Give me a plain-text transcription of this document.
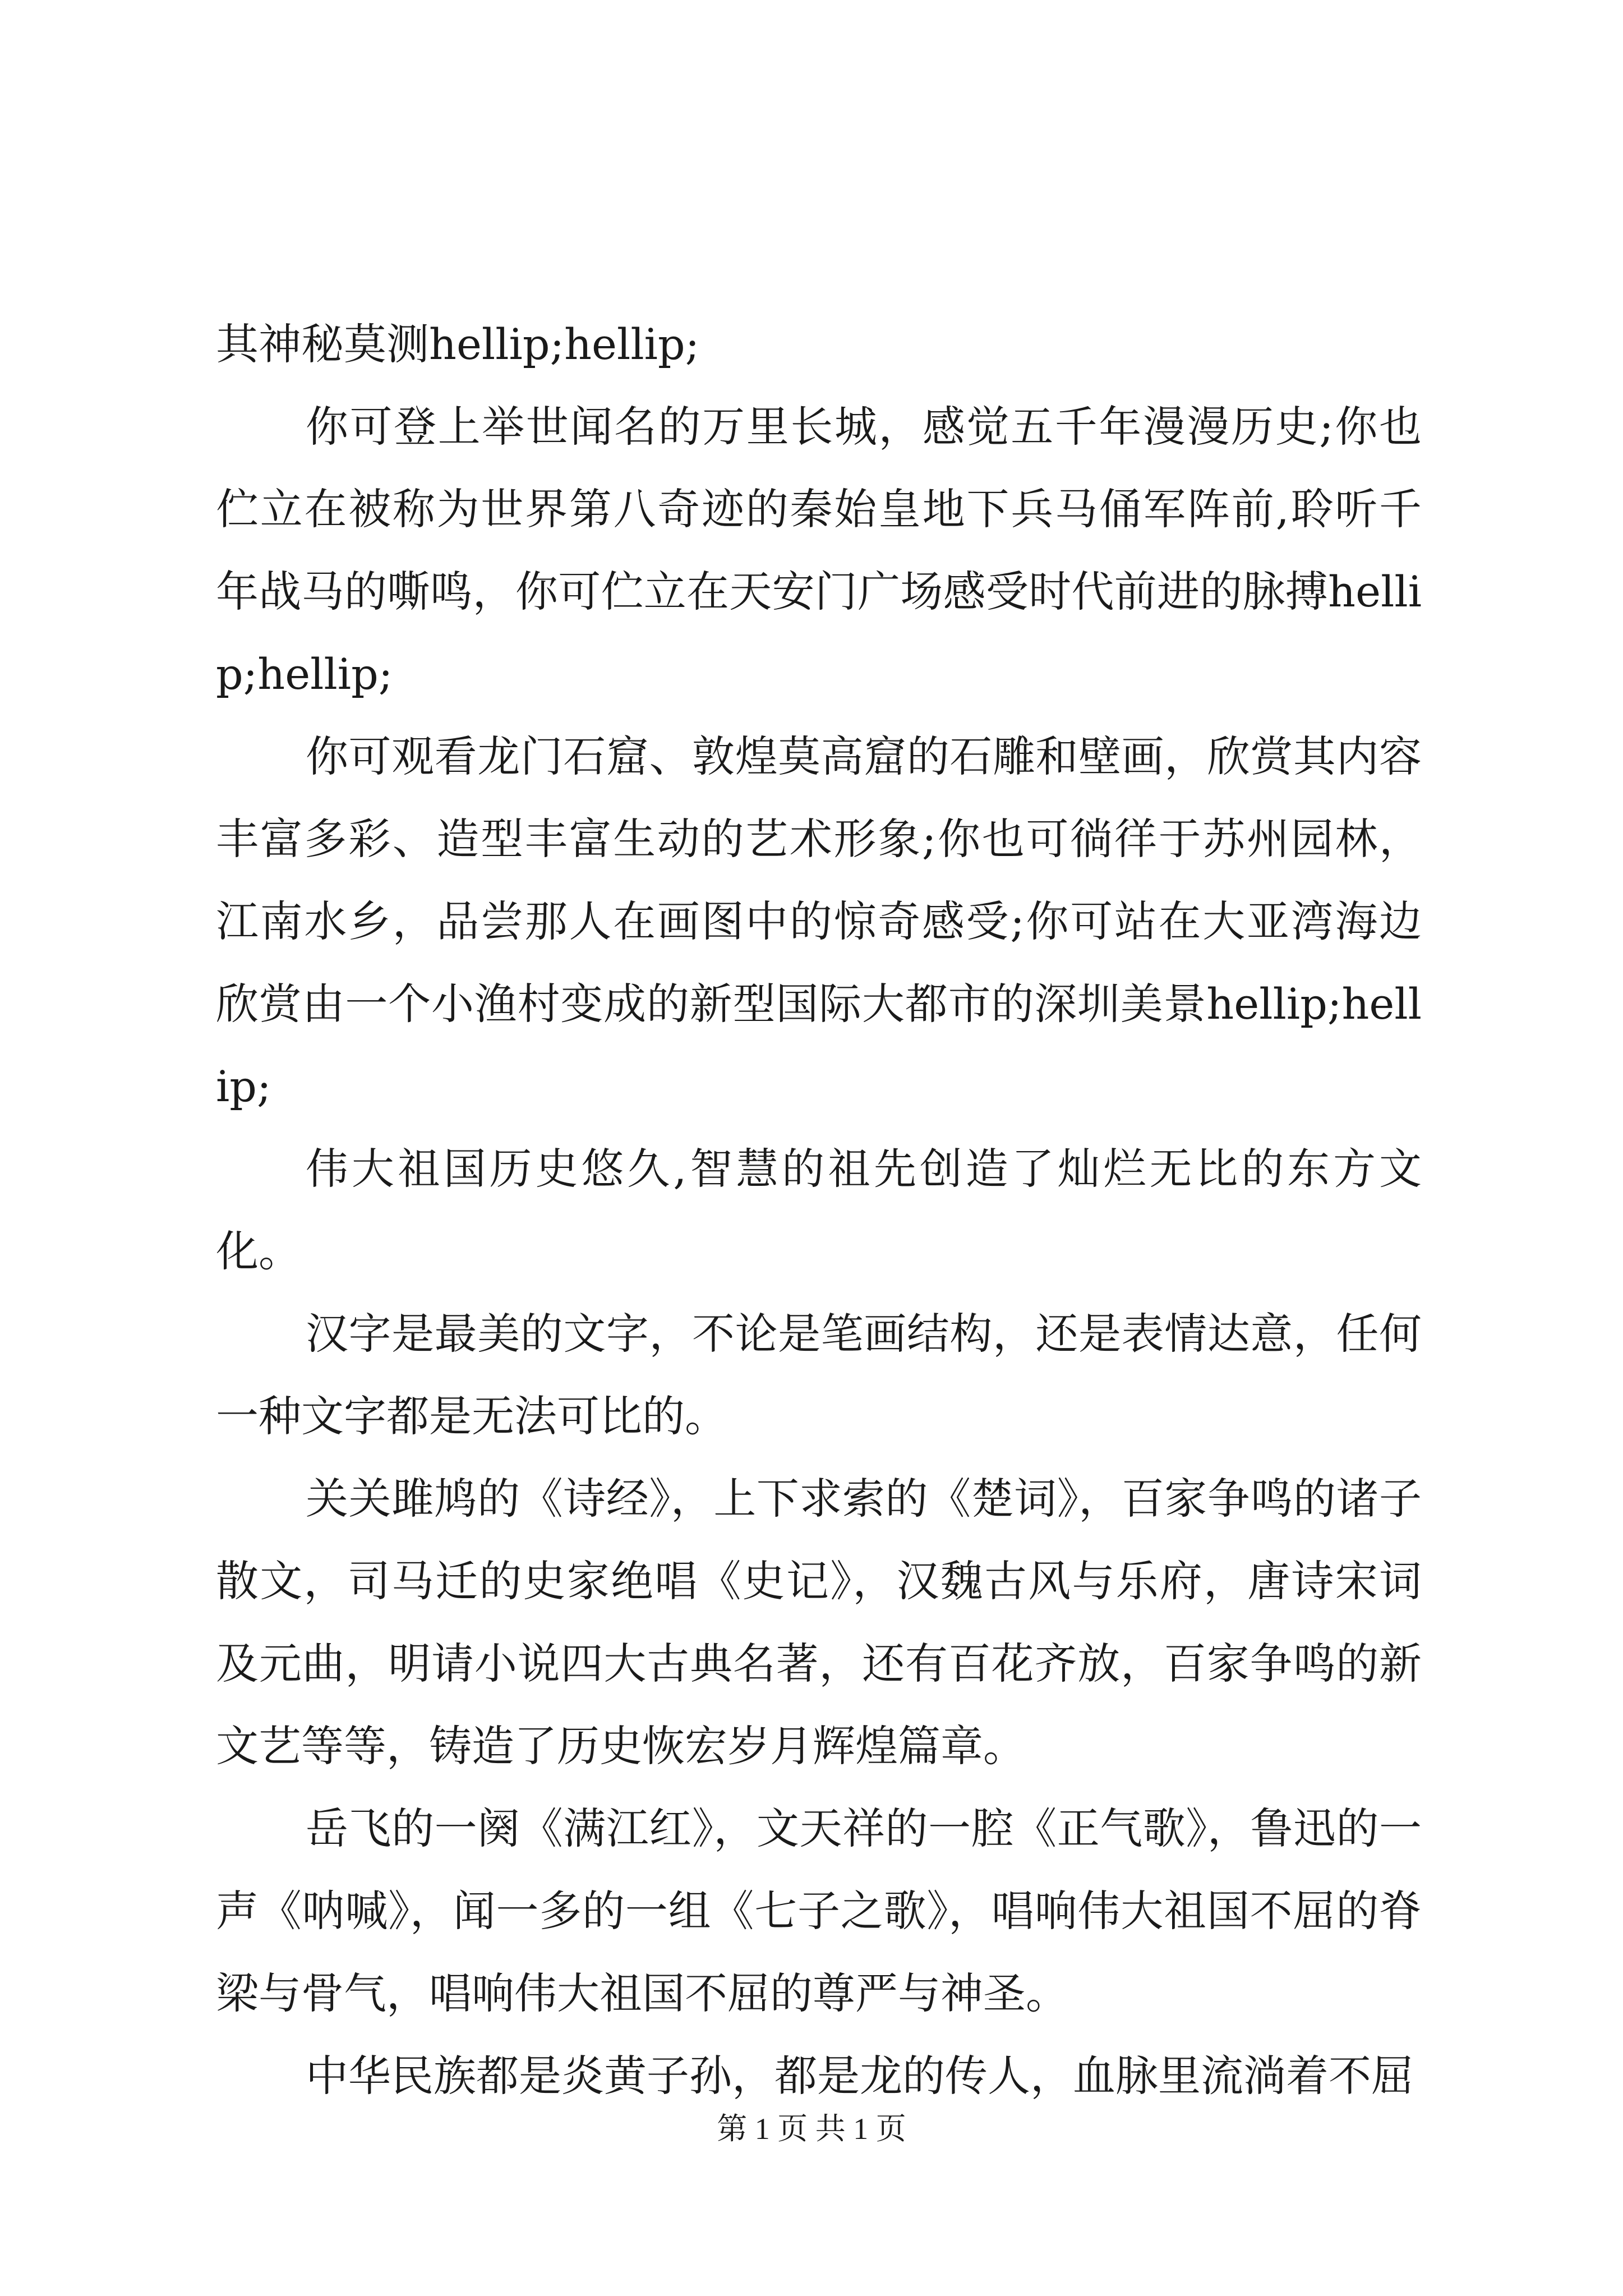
其神秘莫测hellip;hellip;

你可登上举世闻名的万里长城，感觉五千年漫漫历史;你也伫立在被称为世界第八奇迹的秦始皇地下兵马俑军阵前,聆听千年战马的嘶鸣，你可伫立在天安门广场感受时代前进的脉搏hellip;hellip;

你可观看龙门石窟、敦煌莫高窟的石雕和壁画，欣赏其内容丰富多彩、造型丰富生动的艺术形象;你也可徜徉于苏州园林，江南水乡，品尝那人在画图中的惊奇感受;你可站在大亚湾海边欣赏由一个小渔村变成的新型国际大都市的深圳美景hellip;hellip;

伟大祖国历史悠久,智慧的祖先创造了灿烂无比的东方文化。

汉字是最美的文字，不论是笔画结构，还是表情达意，任何一种文字都是无法可比的。

关关雎鸠的《诗经》，上下求索的《楚词》，百家争鸣的诸子散文，司马迁的史家绝唱《史记》，汉魏古风与乐府，唐诗宋词及元曲，明请小说四大古典名著，还有百花齐放，百家争鸣的新文艺等等，铸造了历史恢宏岁月辉煌篇章。

岳飞的一阕《满江红》，文天祥的一腔《正气歌》，鲁迅的一声《呐喊》，闻一多的一组《七子之歌》，唱响伟大祖国不屈的脊梁与骨气，唱响伟大祖国不屈的尊严与神圣。

中华民族都是炎黄子孙，都是龙的传人，血脉里流淌着不屈

第 1 页 共 1 页
